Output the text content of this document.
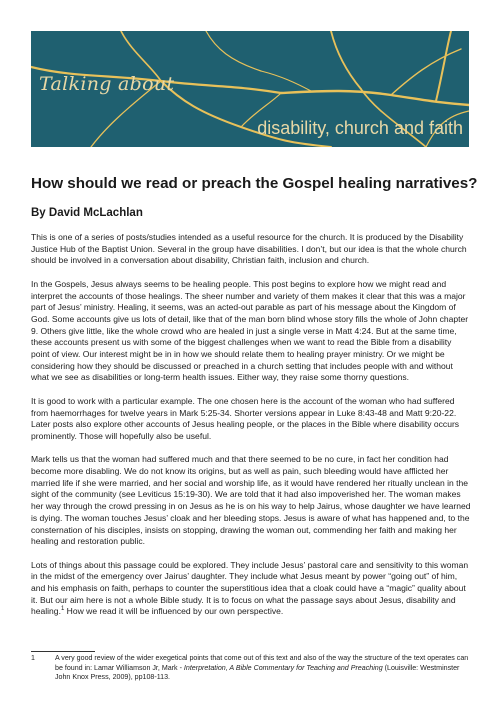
Talking about
disability, church and faith
How should we read or preach the Gospel healing narratives?
By David McLachlan

This is one of a series of posts/studies intended as a useful resource for the church. It is produced by the Disability Justice Hub of the Baptist Union. Several in the group have disabilities. I don’t, but our idea is that the whole church should be involved in a conversation about disability, Christian faith, inclusion and church.

In the Gospels, Jesus always seems to be healing people. This post begins to explore how we might read and interpret the accounts of those healings. The sheer number and variety of them makes it clear that this was a major part of Jesus’ ministry. Healing, it seems, was an acted-out parable as part of his message about the Kingdom of God. Some accounts give us lots of detail, like that of the man born blind whose story fills the whole of John chapter 9. Others give little, like the whole crowd who are healed in just a single verse in Matt 4:24. But at the same time, these accounts present us with some of the biggest challenges when we want to read the Bible from a disability point of view. Our interest might be in in how we should relate them to healing prayer ministry. Or we might be considering how they should be discussed or preached in a church setting that includes people with and without what we see as disabilities or long-term health issues. Either way, they raise some thorny questions.

It is good to work with a particular example. The one chosen here is the account of the woman who had suffered from haemorrhages for twelve years in Mark 5:25-34. Shorter versions appear in Luke 8:43-48 and Matt 9:20-22. Later posts also explore other accounts of Jesus healing people, or the places in the Bible where disability occurs prominently. Those will hopefully also be useful.

Mark tells us that the woman had suffered much and that there seemed to be no cure, in fact her condition had become more disabling. We do not know its origins, but as well as pain, such bleeding would have afflicted her married life if she were married, and her social and worship life, as it would have rendered her ritually unclean in the sight of the community (see Leviticus 15:19-30). We are told that it had also impoverished her. The woman makes her way through the crowd pressing in on Jesus as he is on his way to help Jairus, whose daughter we have learned is dying. The woman touches Jesus’ cloak and her bleeding stops. Jesus is aware of what has happened and, to the consternation of his disciples, insists on stopping, drawing the woman out, commending her faith and making her healing and restoration public.

Lots of things about this passage could be explored. They include Jesus’ pastoral care and sensitivity to this woman in the midst of the emergency over Jairus’ daughter. They include what Jesus meant by power “going out” of him, and his emphasis on faith, perhaps to counter the superstitious idea that a cloak could have a “magic” quality about it. But our aim here is not a whole Bible study. It is to focus on what the passage says about Jesus, disability and healing.$^1$ How we read it will be influenced by our own perspective.

1	A very good review of the wider exegetical points that come out of this text and also of the way the structure of the text operates can be found in: Lamar Williamson Jr, Mark - Interpretation, A Bible Commentary for Teaching and Preaching (Louisville: Westminster John Knox Press, 2009), pp108-113.
